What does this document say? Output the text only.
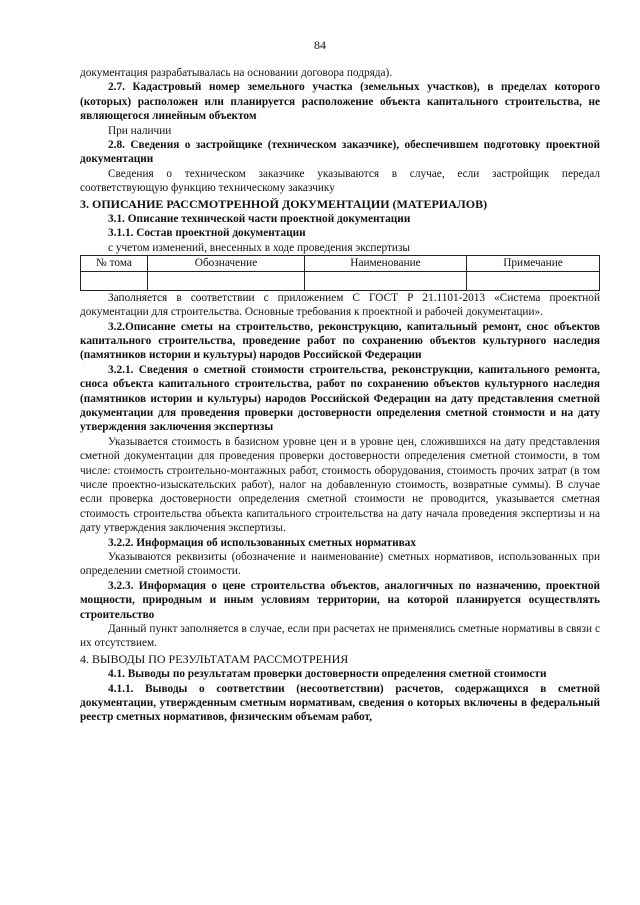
84

документация разрабатывалась на основании договора подряда).

2.7. Кадастровый номер земельного участка (земельных участков), в пределах которого (которых) расположен или планируется расположение объекта капитального строительства, не являющегося линейным объектом

При наличии

2.8. Сведения о застройщике (техническом заказчике), обеспечившем подготовку проектной документации

Сведения о техническом заказчике указываются в случае, если застройщик передал соответствующую функцию техническому заказчику

3. ОПИСАНИЕ РАССМОТРЕННОЙ ДОКУМЕНТАЦИИ (МАТЕРИАЛОВ)

3.1. Описание технической части проектной документации

3.1.1. Состав проектной документации

с учетом изменений, внесенных в ходе проведения экспертизы

№ тома	Обозначение	Наименование	Примечание

Заполняется в соответствии с приложением С ГОСТ Р 21.1101-2013 «Система проектной документации для строительства. Основные требования к проектной и рабочей документации».

3.2.Описание сметы на строительство, реконструкцию, капитальный ремонт, снос объектов капитального строительства, проведение работ по сохранению объектов культурного наследия (памятников истории и культуры) народов Российской Федерации

3.2.1. Сведения о сметной стоимости строительства, реконструкции, капитального ремонта, сноса объекта капитального строительства, работ по сохранению объектов культурного наследия (памятников истории и культуры) народов Российской Федерации на дату представления сметной документации для проведения проверки достоверности определения сметной стоимости и на дату утверждения заключения экспертизы

Указывается стоимость в базисном уровне цен и в уровне цен, сложившихся на дату представления сметной документации для проведения проверки достоверности определения сметной стоимости, в том числе: стоимость строительно-монтажных работ, стоимость оборудования, стоимость прочих затрат (в том числе проектно-изыскательских работ), налог на добавленную стоимость, возвратные суммы). В случае если проверка достоверности определения сметной стоимости не проводится, указывается сметная стоимость строительства объекта капитального строительства на дату начала проведения экспертизы и на дату утверждения заключения экспертизы.

3.2.2. Информация об использованных сметных нормативах

Указываются реквизиты (обозначение и наименование) сметных нормативов, использованных при определении сметной стоимости.

3.2.3. Информация о цене строительства объектов, аналогичных по назначению, проектной мощности, природным и иным условиям территории, на которой планируется осуществлять строительство

Данный пункт заполняется в случае, если при расчетах не применялись сметные нормативы в связи с их отсутствием.

4. ВЫВОДЫ ПО РЕЗУЛЬТАТАМ РАССМОТРЕНИЯ

4.1. Выводы по результатам проверки достоверности определения сметной стоимости

4.1.1. Выводы о соответствии (несоответствии) расчетов, содержащихся в сметной документации, утвержденным сметным нормативам, сведения о которых включены в федеральный реестр сметных нормативов, физическим объемам работ,
